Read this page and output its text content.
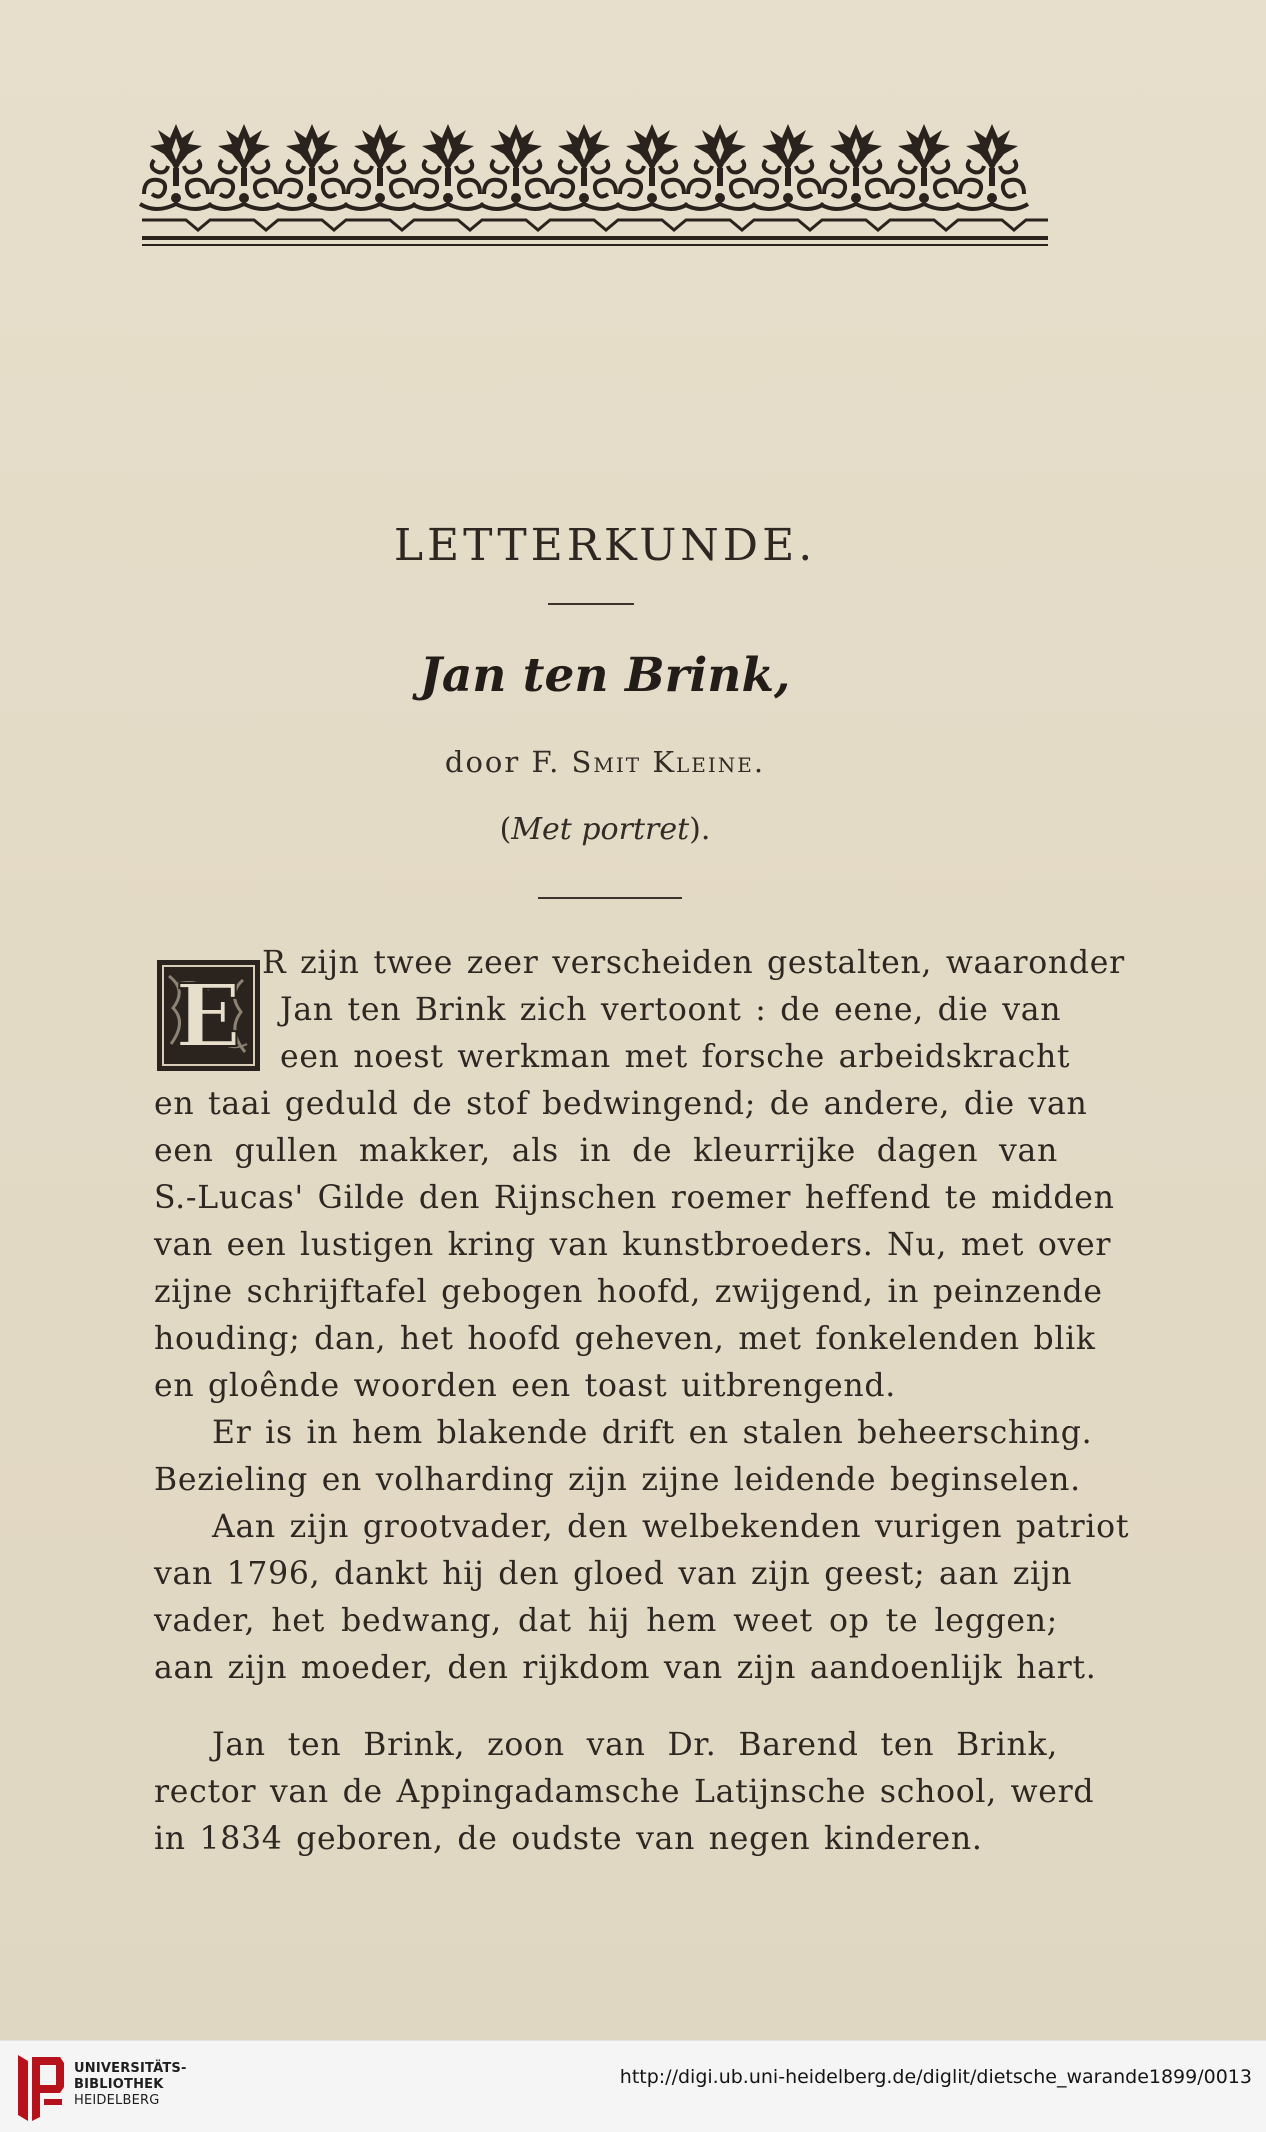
LETTERKUNDE.
Jan ten Brink,
door F. Smit Kleine.
(Met portret).
E
R zijn twee zeer verscheiden gestalten, waaronder
Jan ten Brink zich vertoont : de eene, die van
een noest werkman met forsche arbeidskracht
en taai geduld de stof bedwingend; de andere, die van
een gullen makker, als in de kleurrijke dagen van
S.-Lucas' Gilde den Rijnschen roemer heffend te midden
van een lustigen kring van kunstbroeders. Nu, met over
zijne schrijftafel gebogen hoofd, zwijgend, in peinzende
houding; dan, het hoofd geheven, met fonkelenden blik
en gloênde woorden een toast uitbrengend.
Er is in hem blakende drift en stalen beheersching.
Bezieling en volharding zijn zijne leidende beginselen.
Aan zijn grootvader, den welbekenden vurigen patriot
van 1796, dankt hij den gloed van zijn geest; aan zijn
vader, het bedwang, dat hij hem weet op te leggen;
aan zijn moeder, den rijkdom van zijn aandoenlijk hart.
Jan ten Brink, zoon van Dr. Barend ten Brink,
rector van de Appingadamsche Latijnsche school, werd
in 1834 geboren, de oudste van negen kinderen.
UNIVERSITÄTS-
BIBLIOTHEK
HEIDELBERG
http://digi.ub.uni-heidelberg.de/diglit/dietsche_warande1899/0013
